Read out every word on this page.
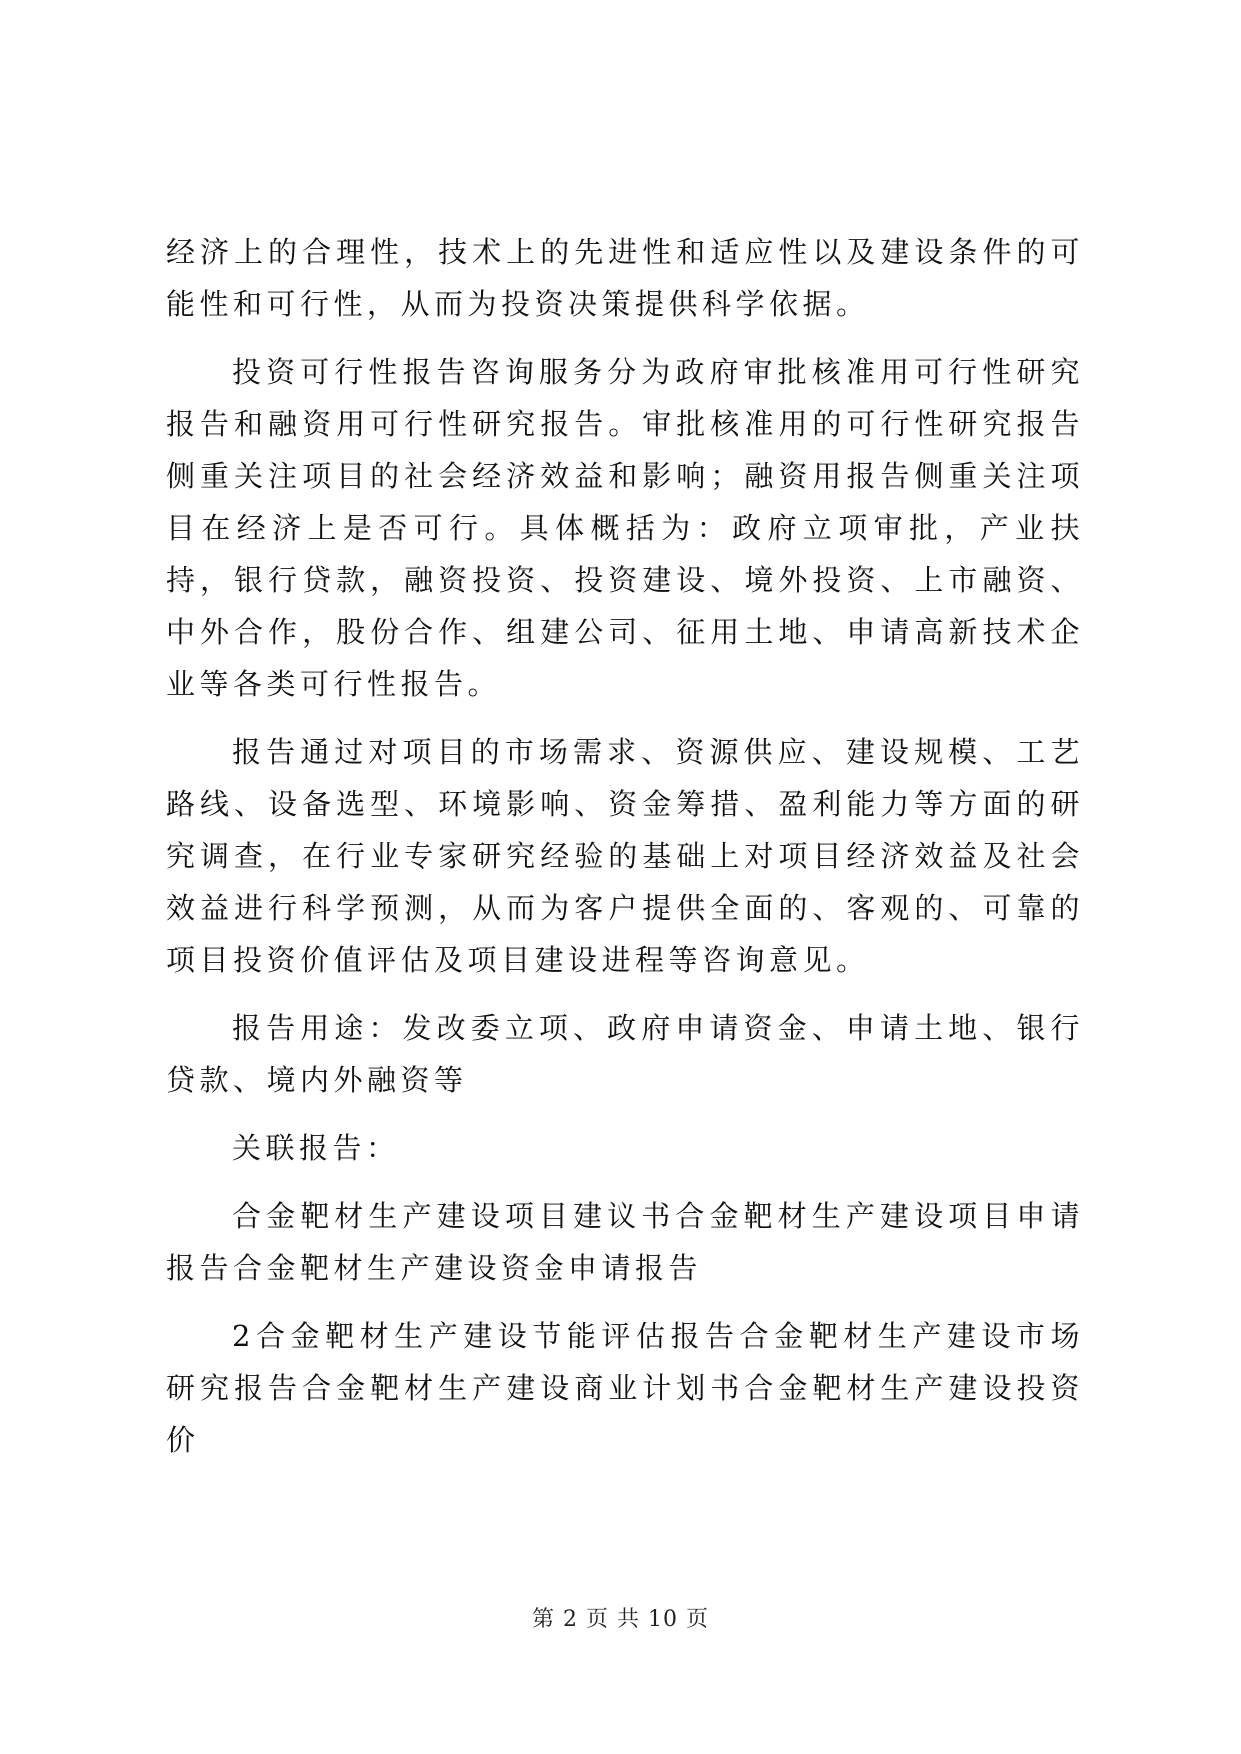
经济上的合理性，技术上的先进性和适应性以及建设条件的可能性和可行性，从而为投资决策提供科学依据。

投资可行性报告咨询服务分为政府审批核准用可行性研究报告和融资用可行性研究报告。审批核准用的可行性研究报告侧重关注项目的社会经济效益和影响；融资用报告侧重关注项目在经济上是否可行。具体概括为：政府立项审批，产业扶持，银行贷款，融资投资、投资建设、境外投资、上市融资、中外合作，股份合作、组建公司、征用土地、申请高新技术企业等各类可行性报告。

报告通过对项目的市场需求、资源供应、建设规模、工艺路线、设备选型、环境影响、资金筹措、盈利能力等方面的研究调查，在行业专家研究经验的基础上对项目经济效益及社会效益进行科学预测，从而为客户提供全面的、客观的、可靠的项目投资价值评估及项目建设进程等咨询意见。

报告用途：发改委立项、政府申请资金、申请土地、银行贷款、境内外融资等

关联报告：

合金靶材生产建设项目建议书合金靶材生产建设项目申请报告合金靶材生产建设资金申请报告

2合金靶材生产建设节能评估报告合金靶材生产建设市场研究报告合金靶材生产建设商业计划书合金靶材生产建设投资价

第 2 页 共 10 页
